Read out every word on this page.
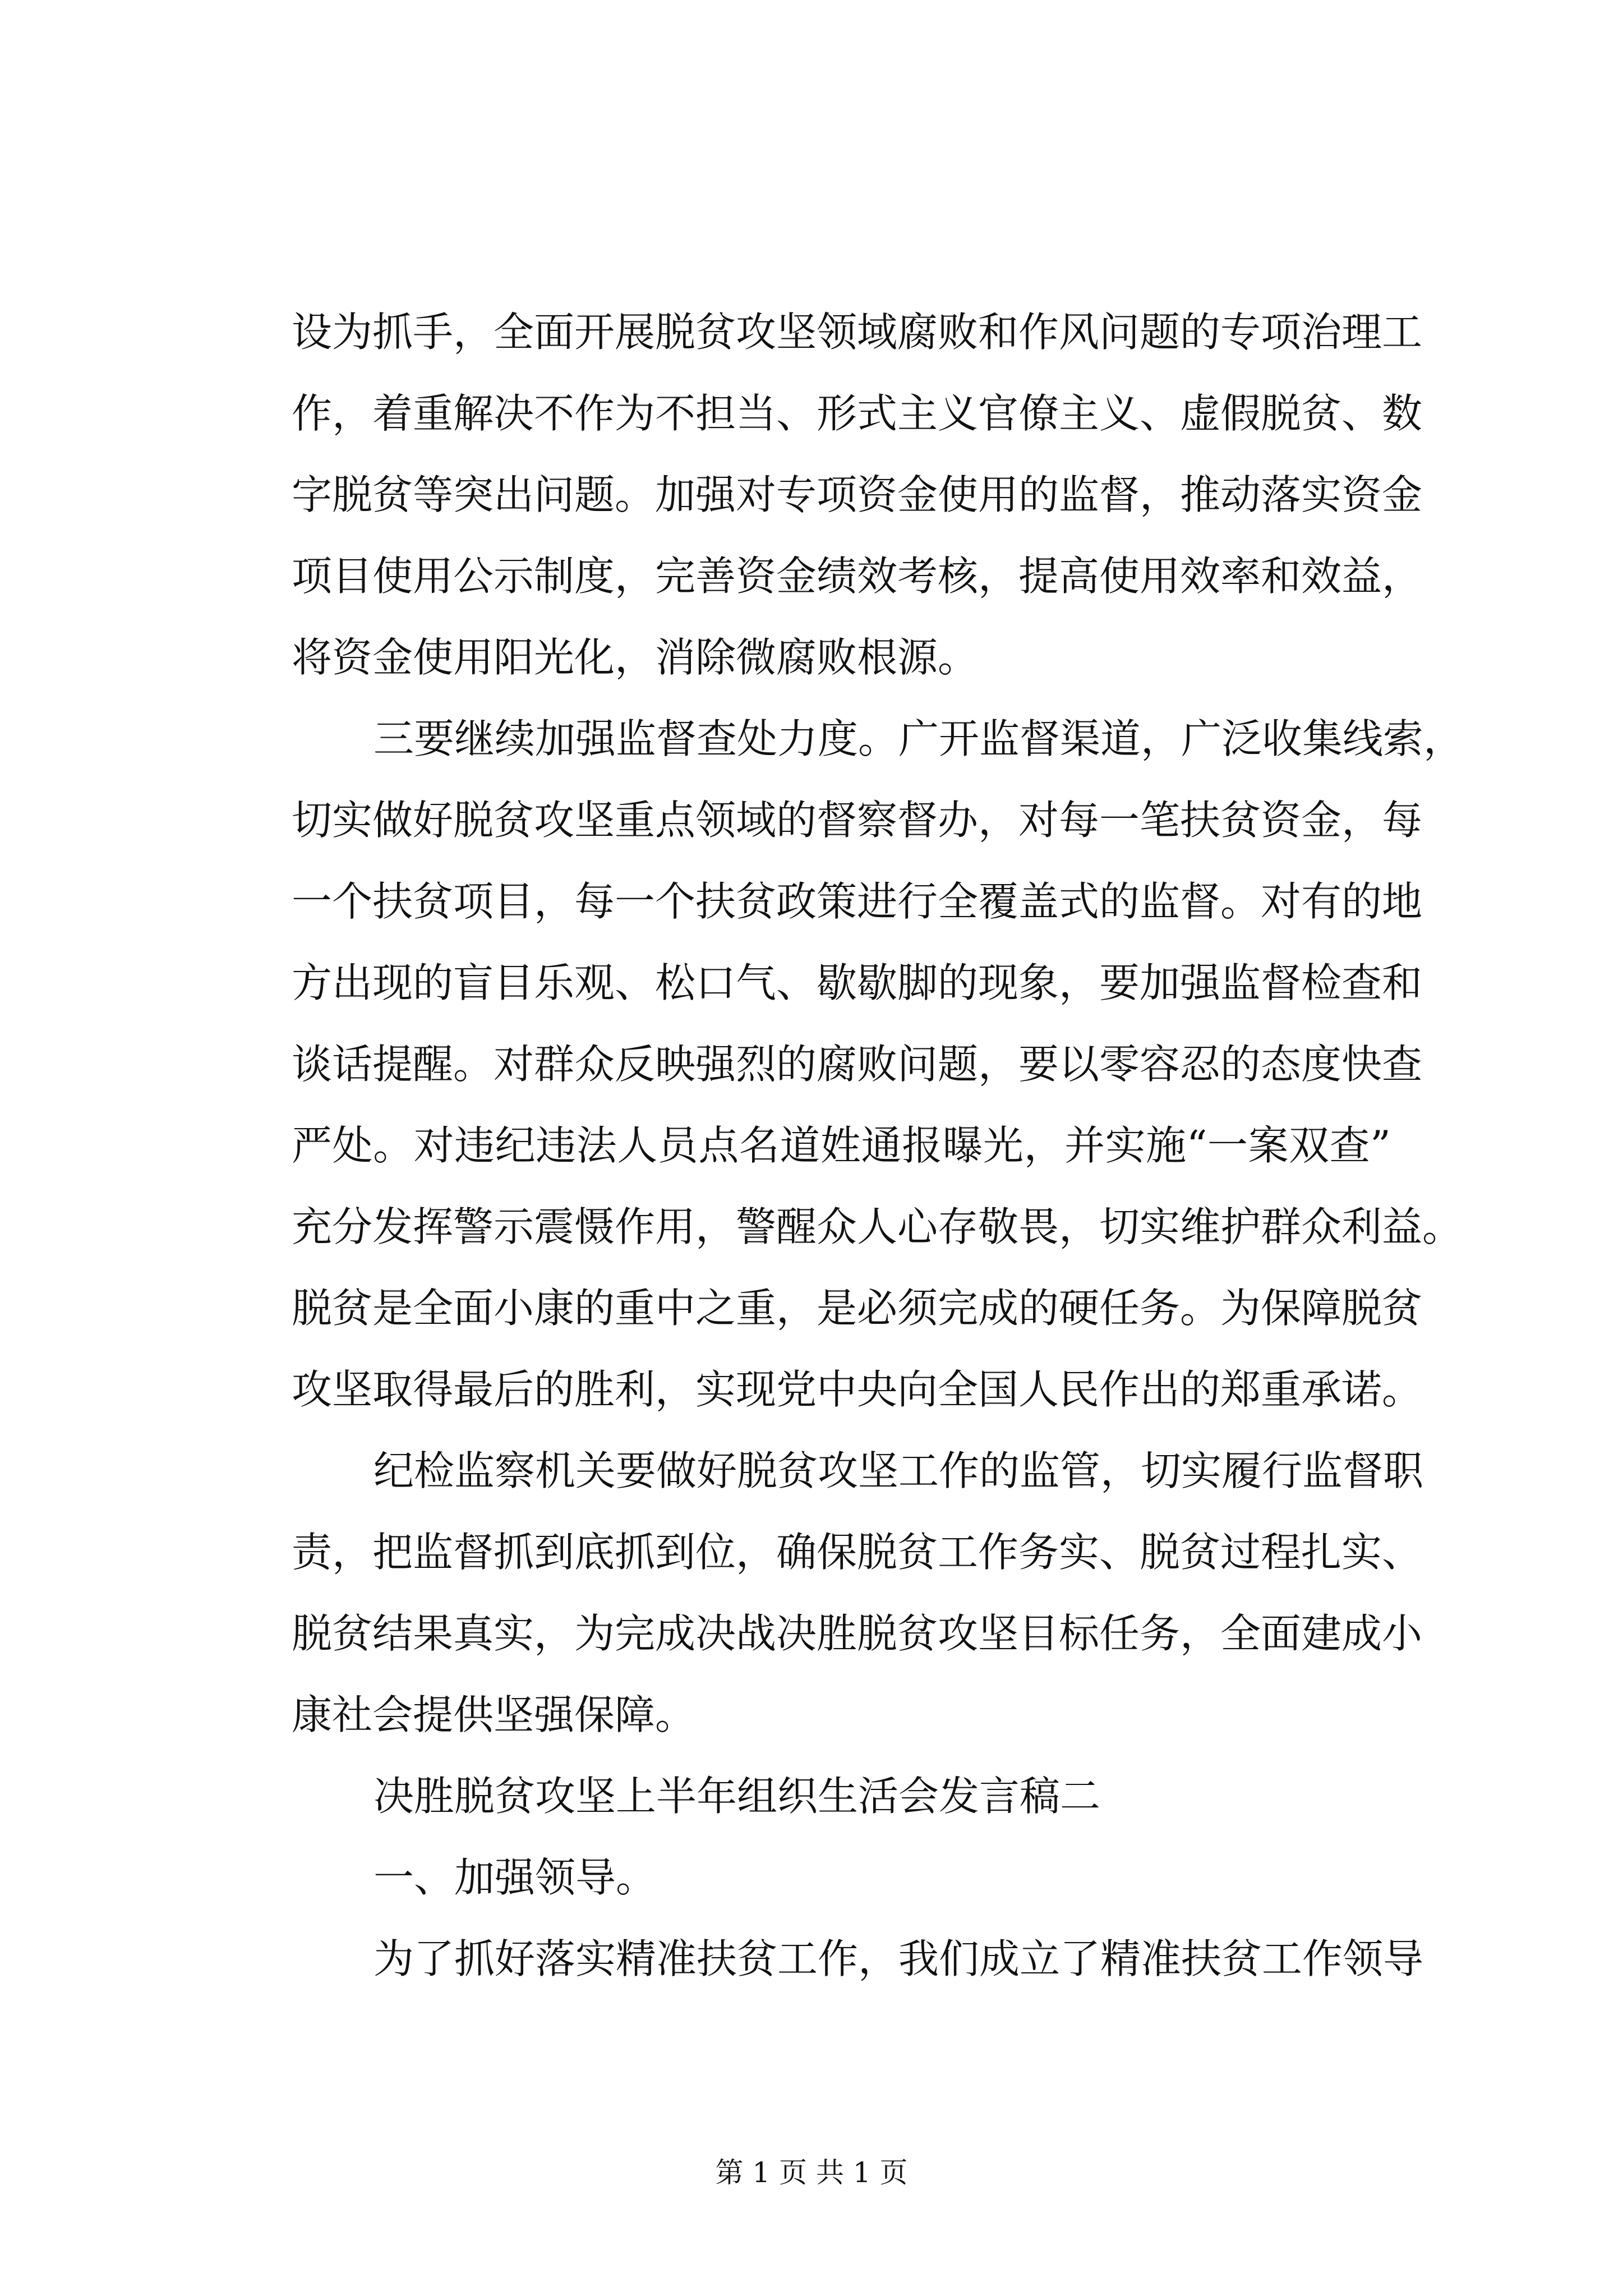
设为抓手，全面开展脱贫攻坚领域腐败和作风问题的专项治理工
作，着重解决不作为不担当、形式主义官僚主义、虚假脱贫、数
字脱贫等突出问题。加强对专项资金使用的监督，推动落实资金
项目使用公示制度，完善资金绩效考核，提高使用效率和效益，
将资金使用阳光化，消除微腐败根源。
三要继续加强监督查处力度。广开监督渠道，广泛收集线索，
切实做好脱贫攻坚重点领域的督察督办，对每一笔扶贫资金，每
一个扶贫项目，每一个扶贫政策进行全覆盖式的监督。对有的地
方出现的盲目乐观、松口气、歇歇脚的现象，要加强监督检查和
谈话提醒。对群众反映强烈的腐败问题，要以零容忍的态度快查
严处。对违纪违法人员点名道姓通报曝光，并实施“一案双查”
充分发挥警示震慑作用，警醒众人心存敬畏，切实维护群众利益。
脱贫是全面小康的重中之重，是必须完成的硬任务。为保障脱贫
攻坚取得最后的胜利，实现党中央向全国人民作出的郑重承诺。
纪检监察机关要做好脱贫攻坚工作的监管，切实履行监督职
责，把监督抓到底抓到位，确保脱贫工作务实、脱贫过程扎实、
脱贫结果真实，为完成决战决胜脱贫攻坚目标任务，全面建成小
康社会提供坚强保障。
决胜脱贫攻坚上半年组织生活会发言稿二
一、加强领导。
为了抓好落实精准扶贫工作，我们成立了精准扶贫工作领导
第 1 页 共 1 页
